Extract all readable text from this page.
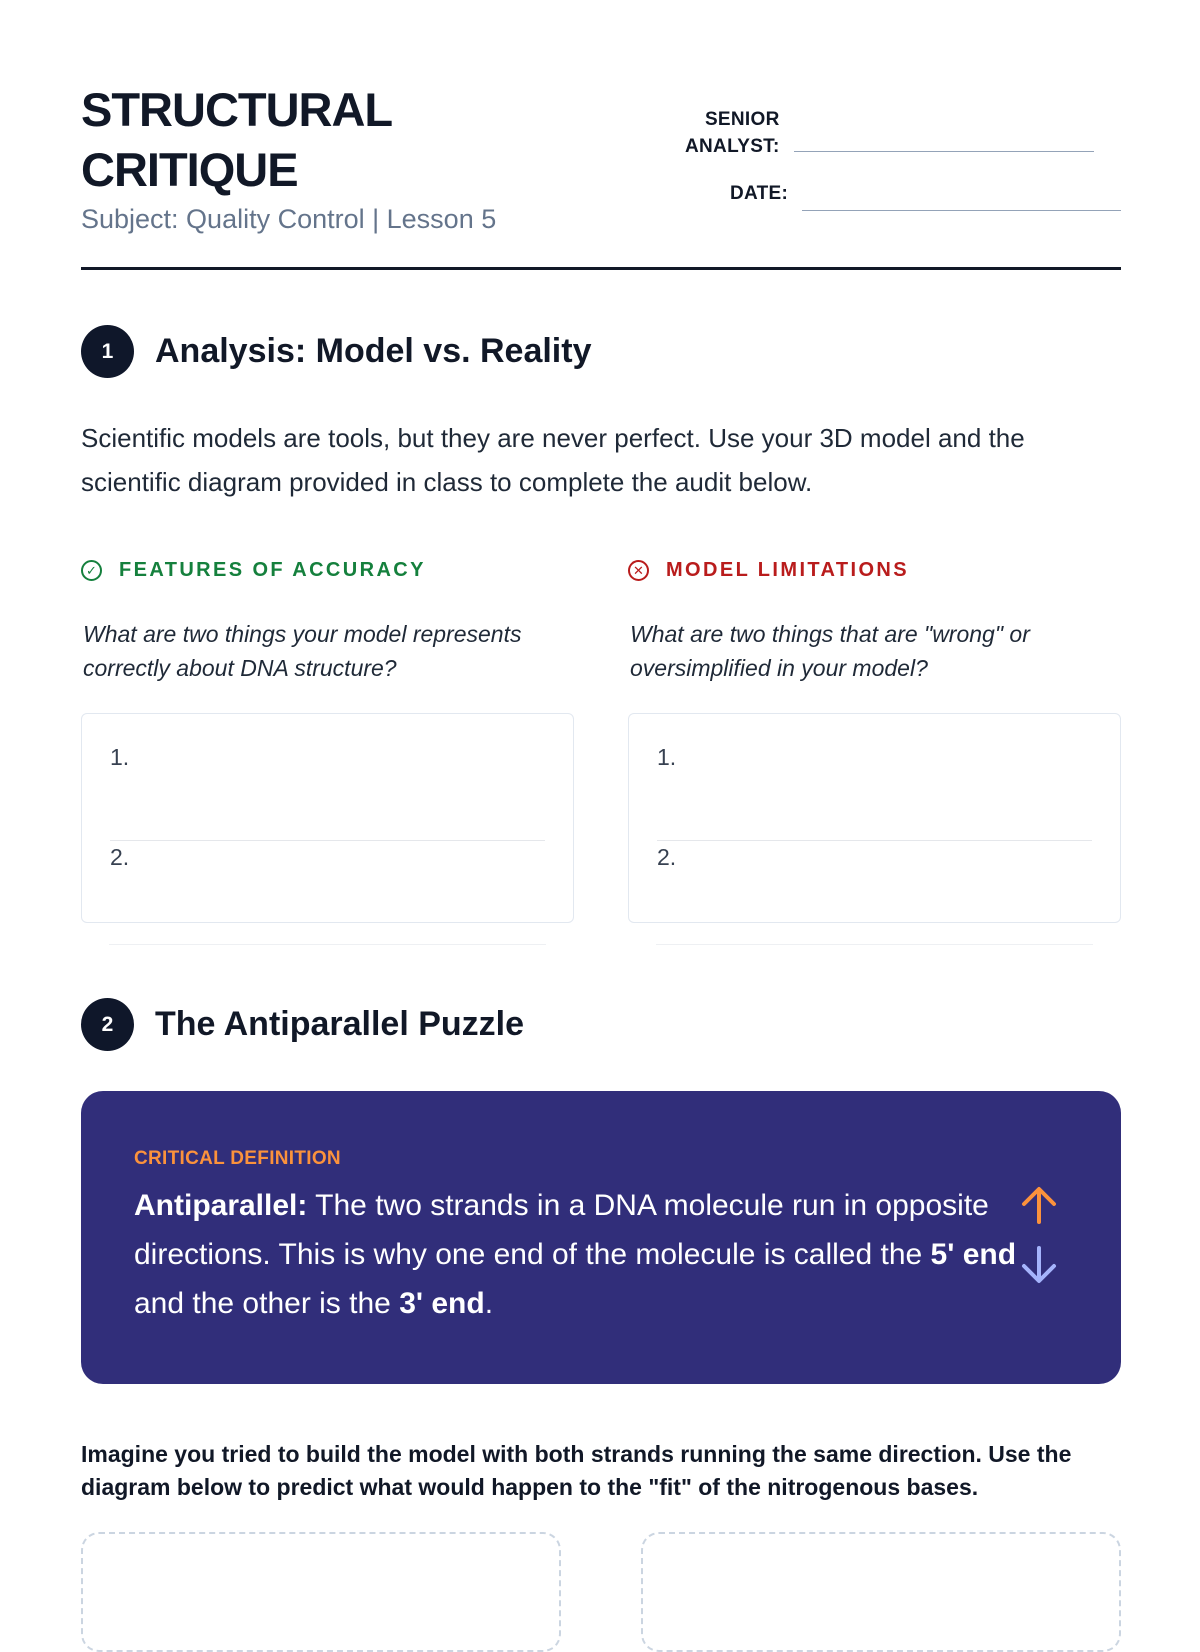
STRUCTURAL
CRITIQUE

Subject: Quality Control | Lesson 5

SENIOR
ANALYST:
DATE:
1	Analysis: Model vs. Reality

Scientific models are tools, but they are never perfect. Use your 3D model and the scientific diagram provided in class to complete the audit below.

✓ FEATURES OF ACCURACY

What are two things your model represents correctly about DNA structure?

1.
2.
✕ MODEL LIMITATIONS

What are two things that are "wrong" or oversimplified in your model?

1.
2.
2	The Antiparallel Puzzle
CRITICAL DEFINITION

Antiparallel: The two strands in a DNA molecule run in opposite directions. This is why one end of the molecule is called the 5' end and the other is the 3' end.

Imagine you tried to build the model with both strands running the same direction. Use the diagram below to predict what would happen to the "fit" of the nitrogenous bases.
